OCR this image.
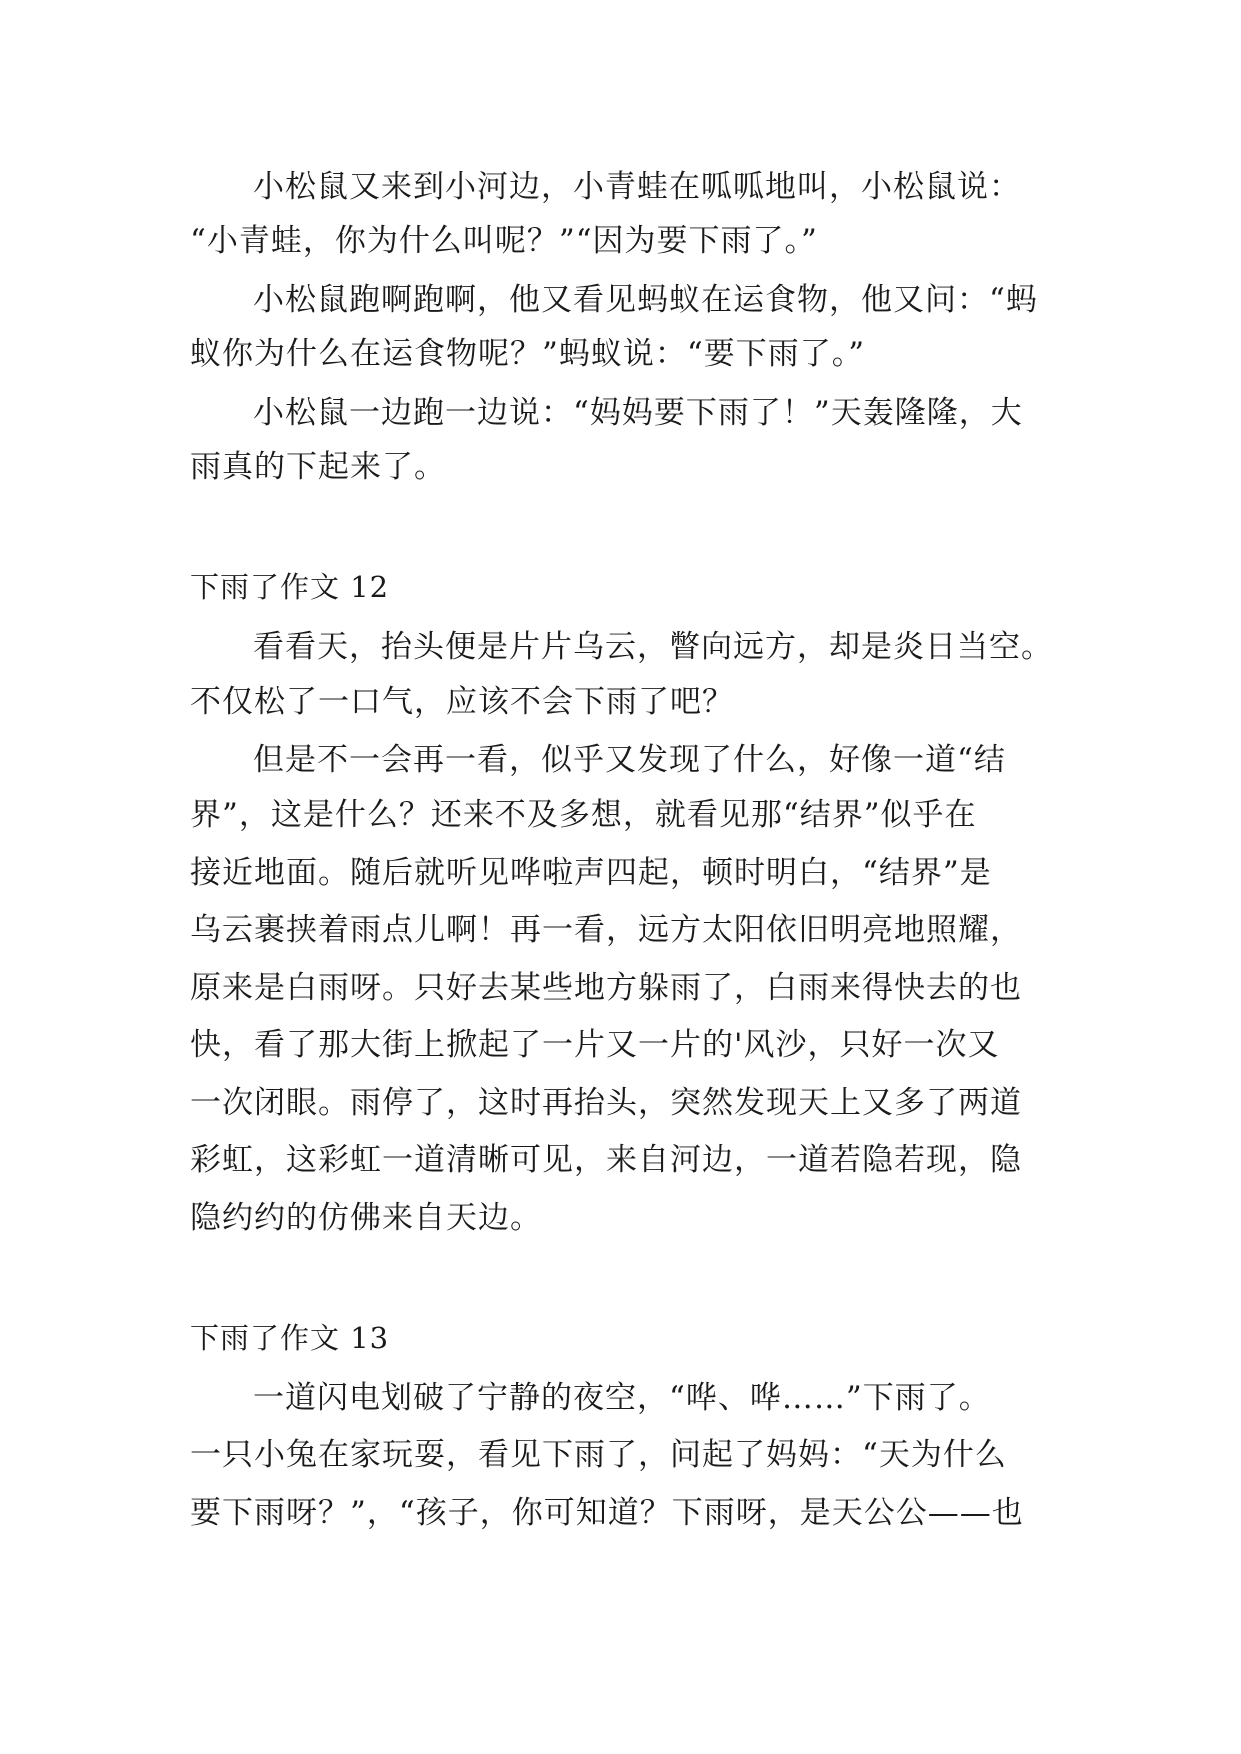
小松鼠又来到小河边，小青蛙在呱呱地叫，小松鼠说：
“小青蛙，你为什么叫呢？”“因为要下雨了。”
小松鼠跑啊跑啊，他又看见蚂蚁在运食物，他又问：“蚂
蚁你为什么在运食物呢？”蚂蚁说：“要下雨了。”
小松鼠一边跑一边说：“妈妈要下雨了！”天轰隆隆，大
雨真的下起来了。
下雨了作文 12
看看天，抬头便是片片乌云，瞥向远方，却是炎日当空。
不仅松了一口气，应该不会下雨了吧？
但是不一会再一看，似乎又发现了什么，好像一道“结
界”，这是什么？还来不及多想，就看见那“结界”似乎在
接近地面。随后就听见哗啦声四起，顿时明白，“结界”是
乌云裹挟着雨点儿啊！再一看，远方太阳依旧明亮地照耀，
原来是白雨呀。只好去某些地方躲雨了，白雨来得快去的也
快，看了那大街上掀起了一片又一片的'风沙，只好一次又
一次闭眼。雨停了，这时再抬头，突然发现天上又多了两道
彩虹，这彩虹一道清晰可见，来自河边，一道若隐若现，隐
隐约约的仿佛来自天边。
下雨了作文 13
一道闪电划破了宁静的夜空，“哗、哗……”下雨了。
一只小兔在家玩耍，看见下雨了，问起了妈妈：“天为什么
要下雨呀？”，“孩子，你可知道？下雨呀，是天公公——也
